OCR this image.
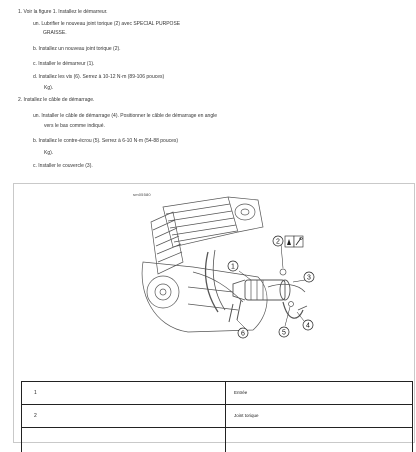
1. Voir la figure 1. Installez le démarreur.
un. Lubrifier le nouveau joint torique (2) avec SPECIAL PURPOSE
GRAISSE.
b. Installez un nouveau joint torique (2).
c. Installer le démarreur (1).
d. Installez les vis (6). Serrez à 10-12 N·m (89-106 pouces)
Kg).
2. Installez le câble de démarrage.
un. Installer le câble de démarrage (4). Positionner le câble de démarrage en angle
vers le bas comme indiqué.
b. Installez le contre-écrou (5). Serrez à 6-10 N·m (54-88 pouces)
Kg).
c. Installer le couvercle (3).
sm05580
1
2
3
4
5
6
1	Entrée
2	Joint torique
